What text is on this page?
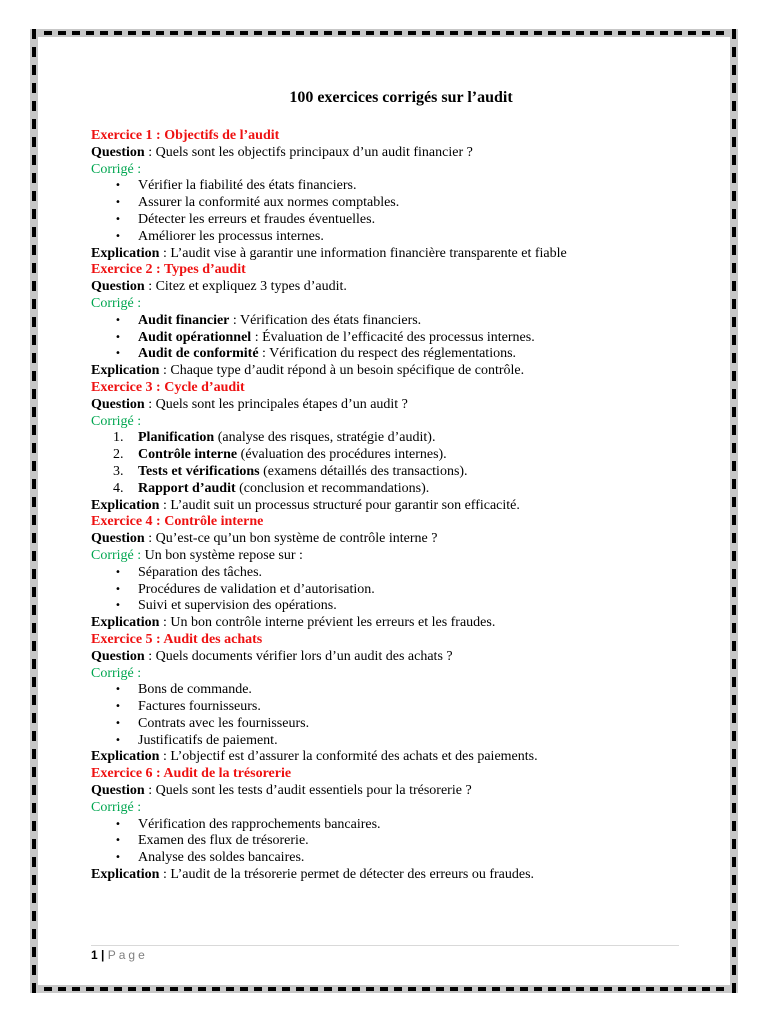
100 exercices corrigés sur l’audit

Exercice 1 : Objectifs de l’audit

Question : Quels sont les objectifs principaux d’un audit financier ?

Corrigé :

• Vérifier la fiabilité des états financiers.
• Assurer la conformité aux normes comptables.
• Détecter les erreurs et fraudes éventuelles.
• Améliorer les processus internes.

Explication : L’audit vise à garantir une information financière transparente et fiable

Exercice 2 : Types d’audit

Question : Citez et expliquez 3 types d’audit.

Corrigé :

• Audit financier : Vérification des états financiers.
• Audit opérationnel : Évaluation de l’efficacité des processus internes.
• Audit de conformité : Vérification du respect des réglementations.

Explication : Chaque type d’audit répond à un besoin spécifique de contrôle.

Exercice 3 : Cycle d’audit

Question : Quels sont les principales étapes d’un audit ?

Corrigé :

1. Planification (analyse des risques, stratégie d’audit).
2. Contrôle interne (évaluation des procédures internes).
3. Tests et vérifications (examens détaillés des transactions).
4. Rapport d’audit (conclusion et recommandations).

Explication : L’audit suit un processus structuré pour garantir son efficacité.

Exercice 4 : Contrôle interne

Question : Qu’est-ce qu’un bon système de contrôle interne ?

Corrigé : Un bon système repose sur :

• Séparation des tâches.
• Procédures de validation et d’autorisation.
• Suivi et supervision des opérations.

Explication : Un bon contrôle interne prévient les erreurs et les fraudes.

Exercice 5 : Audit des achats

Question : Quels documents vérifier lors d’un audit des achats ?

Corrigé :

• Bons de commande.
• Factures fournisseurs.
• Contrats avec les fournisseurs.
• Justificatifs de paiement.

Explication : L’objectif est d’assurer la conformité des achats et des paiements.

Exercice 6 : Audit de la trésorerie

Question : Quels sont les tests d’audit essentiels pour la trésorerie ?

Corrigé :

• Vérification des rapprochements bancaires.
• Examen des flux de trésorerie.
• Analyse des soldes bancaires.

Explication : L’audit de la trésorerie permet de détecter des erreurs ou fraudes.

1 | Page
